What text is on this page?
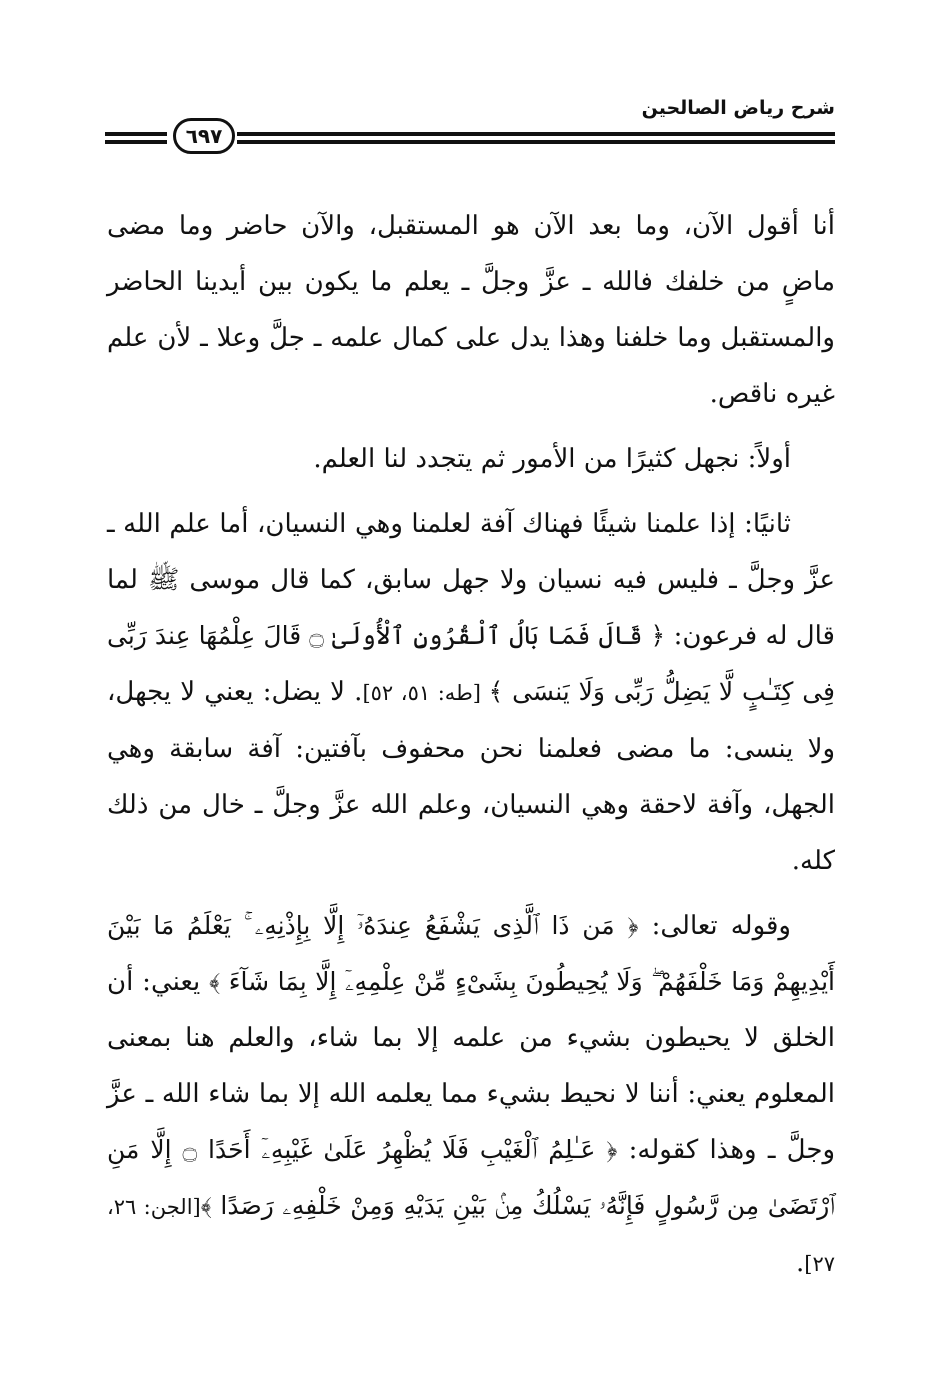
شرح رياض الصالحين
٦٩٧

أنا أقول الآن، وما بعد الآن هو المستقبل، والآن حاضر وما مضى ماضٍ من خلفك فالله ـ عزَّ وجلَّ ـ يعلم ما يكون بين أيدينا الحاضر والمستقبل وما خلفنا وهذا يدل على كمال علمه ـ جلَّ وعلا ـ لأن علم غيره ناقص.

أولاً: نجهل كثيرًا من الأمور ثم يتجدد لنا العلم.

ثانيًا: إذا علمنا شيئًا فهناك آفة لعلمنا وهي النسيان، أما علم الله ـ عزَّ وجلَّ ـ فليس فيه نسيان ولا جهل سابق، كما قال موسى ﷺ لما قال له فرعون: ﴿ قَالَ فَمَا بَالُ ٱلْقُرُونِ ٱلْأُولَىٰ ۝ قَالَ عِلْمُهَا عِندَ رَبِّى فِى كِتَـٰبٍ لَّا يَضِلُّ رَبِّى وَلَا يَنسَى ﴾ [طه: ٥١، ٥٢]. لا يضل: يعني لا يجهل، ولا ينسى: ما مضى فعلمنا نحن محفوف بآفتين: آفة سابقة وهي الجهل، وآفة لاحقة وهي النسيان، وعلم الله عزَّ وجلَّ ـ خال من ذلك كله.

وقوله تعالى: ﴿ مَن ذَا ٱلَّذِى يَشْفَعُ عِندَهُۥٓ إِلَّا بِإِذْنِهِۦ ۚ يَعْلَمُ مَا بَيْنَ أَيْدِيهِمْ وَمَا خَلْفَهُمْ ۖ وَلَا يُحِيطُونَ بِشَىْءٍ مِّنْ عِلْمِهِۦٓ إِلَّا بِمَا شَآءَ ﴾ يعني: أن الخلق لا يحيطون بشيء من علمه إلا بما شاء، والعلم هنا بمعنى المعلوم يعني: أننا لا نحيط بشيء مما يعلمه الله إلا بما شاء الله ـ عزَّ وجلَّ ـ وهذا كقوله: ﴿ عَـٰلِمُ ٱلْغَيْبِ فَلَا يُظْهِرُ عَلَىٰ غَيْبِهِۦٓ أَحَدًا ۝ إِلَّا مَنِ ٱرْتَضَىٰ مِن رَّسُولٍ فَإِنَّهُۥ يَسْلُكُ مِنۢ بَيْنِ يَدَيْهِ وَمِنْ خَلْفِهِۦ رَصَدًا ﴾[الجن: ٢٦، ٢٧].
